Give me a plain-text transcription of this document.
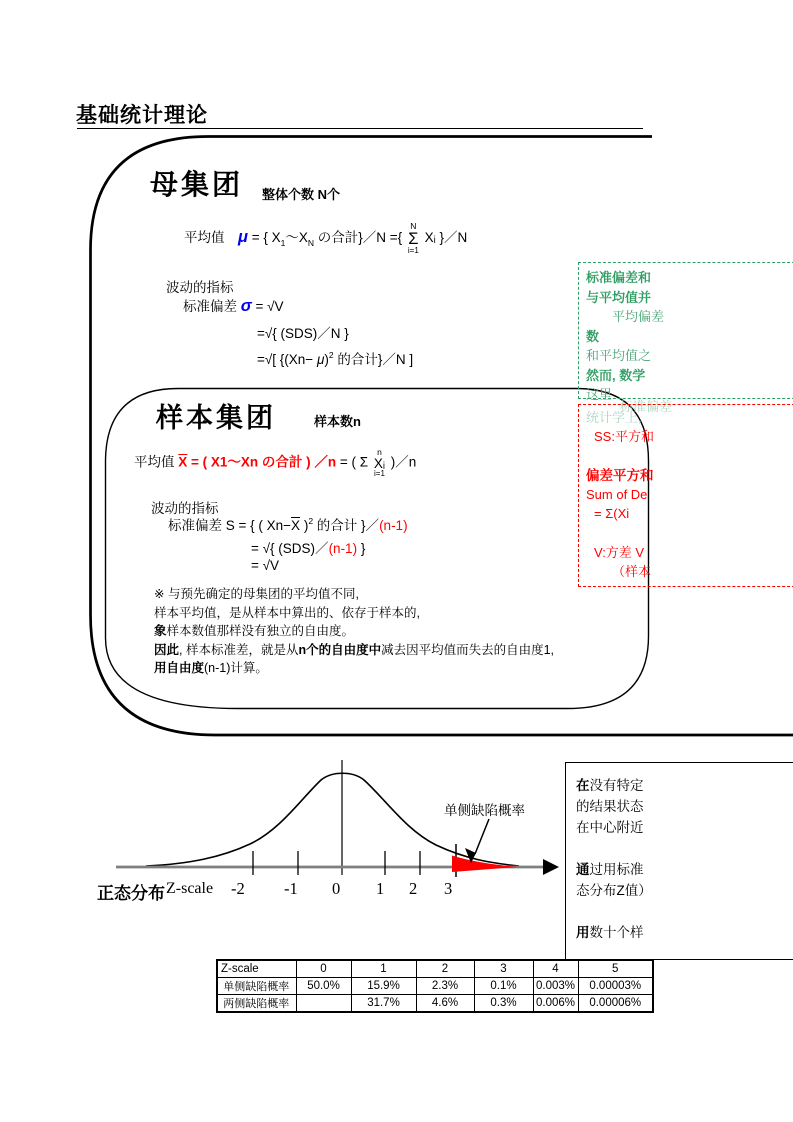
基础统计理论
母集团 整体个数 N个
平均值　μ = { $X_1\sim X_N$ の合計}／N ={
N
Σ
i=1
Xᵢ }／N
波动的指标
标准偏差 σ = √V
=√{ (SDS)／N }
=√[ {$(Xn- \mu)^2$ 的合计}／N ]
样本集团	样本数n
平均值 $\overline{X}$ = ( X1～Xn の合計 ) ／n = ( Σ
n
Xᵢ
i=1
)／n
波动的指标
标准偏差 S = { ( $Xn-\overline{X}$ )$^2$ 的合计 }／(n-1)
= √{ (SDS)／(n-1) }
= √V
※ 与预先确定的母集团的平均值不同,
样本平均值，是从样本中算出的、依存于样本的,
象样本数值那样没有独立的自由度。
因此, 样本标准差，就是从n个的自由度中减去因平均值而失去的自由度1,
用自由度(n-1)计算。
标准偏差和
与平均值并
平均偏差
数
和平均值之
然而, 数学
这里
标准偏差
统计学上,
SS:平方和
偏差平方和
Sum of De
= Σ(Xi
V:方差 V
（样本
单侧缺陷概率
正态分布 Z-scale -2 -1 0 1 2 3
在没有特定
的结果状态
在中心附近
通过用标准
态分布Z值）
用数十个样
Z-scale	0	1	2	3	4	5
单侧缺陷概率	50.0%	15.9%	2.3%	0.1%	0.003%	0.00003%
两侧缺陷概率		31.7%	4.6%	0.3%	0.006%	0.00006%
